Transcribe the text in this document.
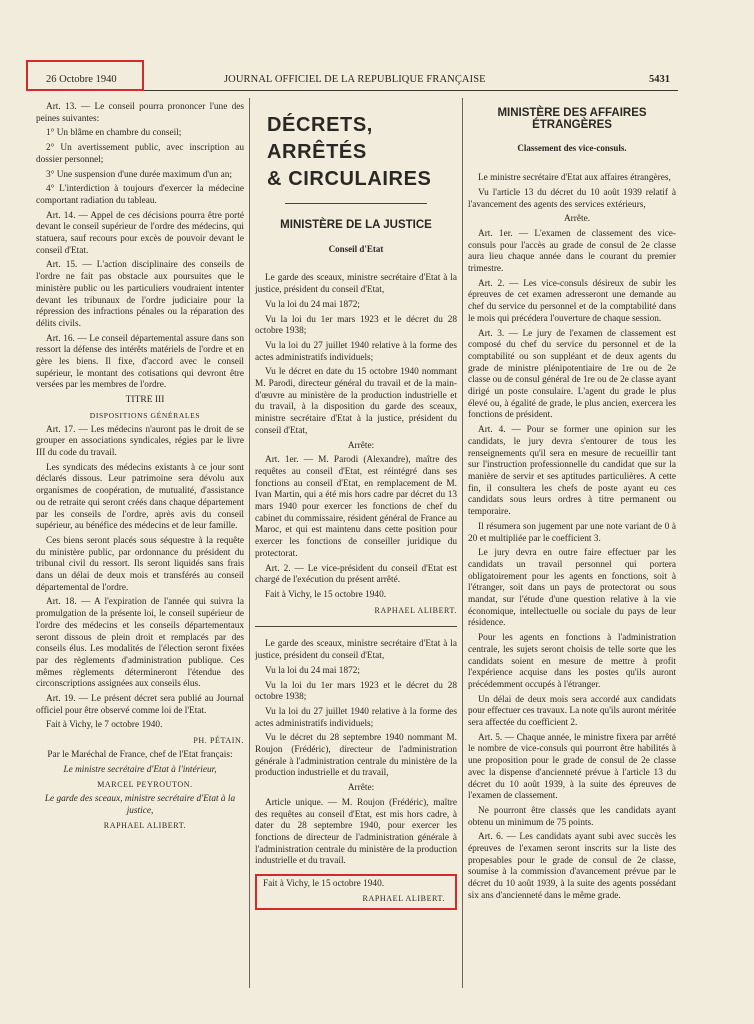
26 Octobre 1940	JOURNAL OFFICIEL DE LA REPUBLIQUE FRANÇAISE	5431

Art. 13. — Le conseil pourra prononcer l'une des peines suivantes:

1° Un blâme en chambre du conseil;

2° Un avertissement public, avec inscription au dossier personnel;

3° Une suspension d'une durée maximum d'un an;

4° L'interdiction à toujours d'exercer la médecine comportant radiation du tableau.

Art. 14. — Appel de ces décisions pourra être porté devant le conseil supérieur de l'ordre des médecins, qui statuera, sauf recours pour excès de pouvoir devant le conseil d'Etat.

Art. 15. — L'action disciplinaire des conseils de l'ordre ne fait pas obstacle aux poursuites que le ministère public ou les particuliers voudraient intenter devant les tribunaux de l'ordre judiciaire pour la répression des infractions pénales ou la réparation des délits civils.

Art. 16. — Le conseil départemental assure dans son ressort la défense des intérêts matériels de l'ordre et en gère les biens. Il fixe, d'accord avec le conseil supérieur, le montant des cotisations qui devront être versées par les membres de l'ordre.

TITRE III

DISPOSITIONS GÉNÉRALES

Art. 17. — Les médecins n'auront pas le droit de se grouper en associations syndicales, régies par le livre III du code du travail.

Les syndicats des médecins existants à ce jour sont déclarés dissous. Leur patrimoine sera dévolu aux organismes de coopération, de mutualité, d'assistance ou de retraite qui seront créés dans chaque département par les conseils de l'ordre, après avis du conseil supérieur, au bénéfice des médecins et de leur famille.

Ces biens seront placés sous séquestre à la requête du ministère public, par ordonnance du président du tribunal civil du ressort. Ils seront liquidés sans frais dans un délai de deux mois et transférés au conseil départemental de l'ordre.

Art. 18. — A l'expiration de l'année qui suivra la promulgation de la présente loi, le conseil supérieur de l'ordre des médecins et les conseils départementaux seront dissous de plein droit et remplacés par des conseils élus. Les modalités de l'élection seront fixées par des règlements d'administration publique. Ces mêmes règlements détermineront l'étendue des circonscriptions assignées aux conseils élus.

Art. 19. — Le présent décret sera publié au Journal officiel pour être observé comme loi de l'Etat.

Fait à Vichy, le 7 octobre 1940.

PH. PÉTAIN.

Par le Maréchal de France, chef de l'Etat français:

Le ministre secrétaire d'Etat à l'intérieur,

MARCEL PEYROUTON.

Le garde des sceaux, ministre secrétaire d'Etat à la justice,

RAPHAEL ALIBERT.

DÉCRETS, ARRÊTÉS
& CIRCULAIRES
MINISTÈRE DE LA JUSTICE
Conseil d'Etat

Le garde des sceaux, ministre secrétaire d'Etat à la justice, président du conseil d'Etat,

Vu la loi du 24 mai 1872;

Vu la loi du 1er mars 1923 et le décret du 28 octobre 1938;

Vu la loi du 27 juillet 1940 relative à la forme des actes administratifs individuels;

Vu le décret en date du 15 octobre 1940 nommant M. Parodi, directeur général du travail et de la main-d'œuvre au ministère de la production industrielle et du travail, à la disposition du garde des sceaux, ministre secrétaire d'Etat à la justice, président du conseil d'Etat,

Arrête:

Art. 1er. — M. Parodi (Alexandre), maître des requêtes au conseil d'Etat, est réintégré dans ses fonctions au conseil d'Etat, en remplacement de M. Ivan Martin, qui a été mis hors cadre par décret du 13 mars 1940 pour exercer les fonctions de chef du cabinet du commissaire, résident général de France au Maroc, et qui est maintenu dans cette position pour exercer les fonctions de conseiller juridique du protectorat.

Art. 2. — Le vice-président du conseil d'Etat est chargé de l'exécution du présent arrêté.

Fait à Vichy, le 15 octobre 1940.

RAPHAEL ALIBERT.

Le garde des sceaux, ministre secrétaire d'Etat à la justice, président du conseil d'Etat,

Vu la loi du 24 mai 1872;

Vu la loi du 1er mars 1923 et le décret du 28 octobre 1938;

Vu la loi du 27 juillet 1940 relative à la forme des actes administratifs individuels;

Vu le décret du 28 septembre 1940 nommant M. Roujon (Frédéric), directeur de l'administration générale à l'administration centrale du ministère de la production industrielle et du travail,

Arrête:

Article unique. — M. Roujon (Frédéric), maître des requêtes au conseil d'Etat, est mis hors cadre, à dater du 28 septembre 1940, pour exercer les fonctions de directeur de l'administration générale à l'administration centrale du ministère de la production industrielle et du travail.

Fait à Vichy, le 15 octobre 1940.

RAPHAEL ALIBERT.

MINISTÈRE DES AFFAIRES ÉTRANGÈRES
Classement des vice-consuls.

Le ministre secrétaire d'Etat aux affaires étrangères,

Vu l'article 13 du décret du 10 août 1939 relatif à l'avancement des agents des services extérieurs,

Arrête.

Art. 1er. — L'examen de classement des vice-consuls pour l'accès au grade de consul de 2e classe aura lieu chaque année dans le courant du premier trimestre.

Art. 2. — Les vice-consuls désireux de subir les épreuves de cet examen adresseront une demande au chef du service du personnel et de la comptabilité dans le mois qui précédera l'ouverture de chaque session.

Art. 3. — Le jury de l'examen de classement est composé du chef du service du personnel et de la comptabilité ou son suppléant et de deux agents du grade de ministre plénipotentiaire de 1re ou de 2e classe ou de consul général de 1re ou de 2e classe ayant dirigé un poste consulaire. L'agent du grade le plus élevé ou, à égalité de grade, le plus ancien, exercera les fonctions de président.

Art. 4. — Pour se former une opinion sur les candidats, le jury devra s'entourer de tous les renseignements qu'il sera en mesure de recueillir tant sur l'instruction professionnelle du candidat que sur la manière de servir et ses aptitudes particulières. A cette fin, il consultera les chefs de poste ayant eu ces candidats sous leurs ordres à titre permanent ou temporaire.

Il résumera son jugement par une note variant de 0 à 20 et multipliée par le coefficient 3.

Le jury devra en outre faire effectuer par les candidats un travail personnel qui portera obligatoirement pour les agents en fonctions, soit à l'étranger, soit dans un pays de protectorat ou sous mandat, sur l'étude d'une question relative à la vie économique, intellectuelle ou sociale du pays de leur résidence.

Pour les agents en fonctions à l'administration centrale, les sujets seront choisis de telle sorte que les candidats soient en mesure de mettre à profit l'expérience acquise dans les postes qu'ils auront précédemment occupés à l'étranger.

Un délai de deux mois sera accordé aux candidats pour effectuer ces travaux. La note qu'ils auront méritée sera affectée du coefficient 2.

Art. 5. — Chaque année, le ministre fixera par arrêté le nombre de vice-consuls qui pourront être habilités à une proposition pour le grade de consul de 2e classe avec la dispense d'ancienneté prévue à l'article 13 du décret du 10 août 1939, à la suite des épreuves de l'examen de classement.

Ne pourront être classés que les candidats ayant obtenu un minimum de 75 points.

Art. 6. — Les candidats ayant subi avec succès les épreuves de l'examen seront inscrits sur la liste des propesables pour le grade de consul de 2e classe, soumise à la commission d'avancement prévue par le décret du 10 août 1939, à la suite des agents possédant six ans d'ancienneté dans le même grade.
